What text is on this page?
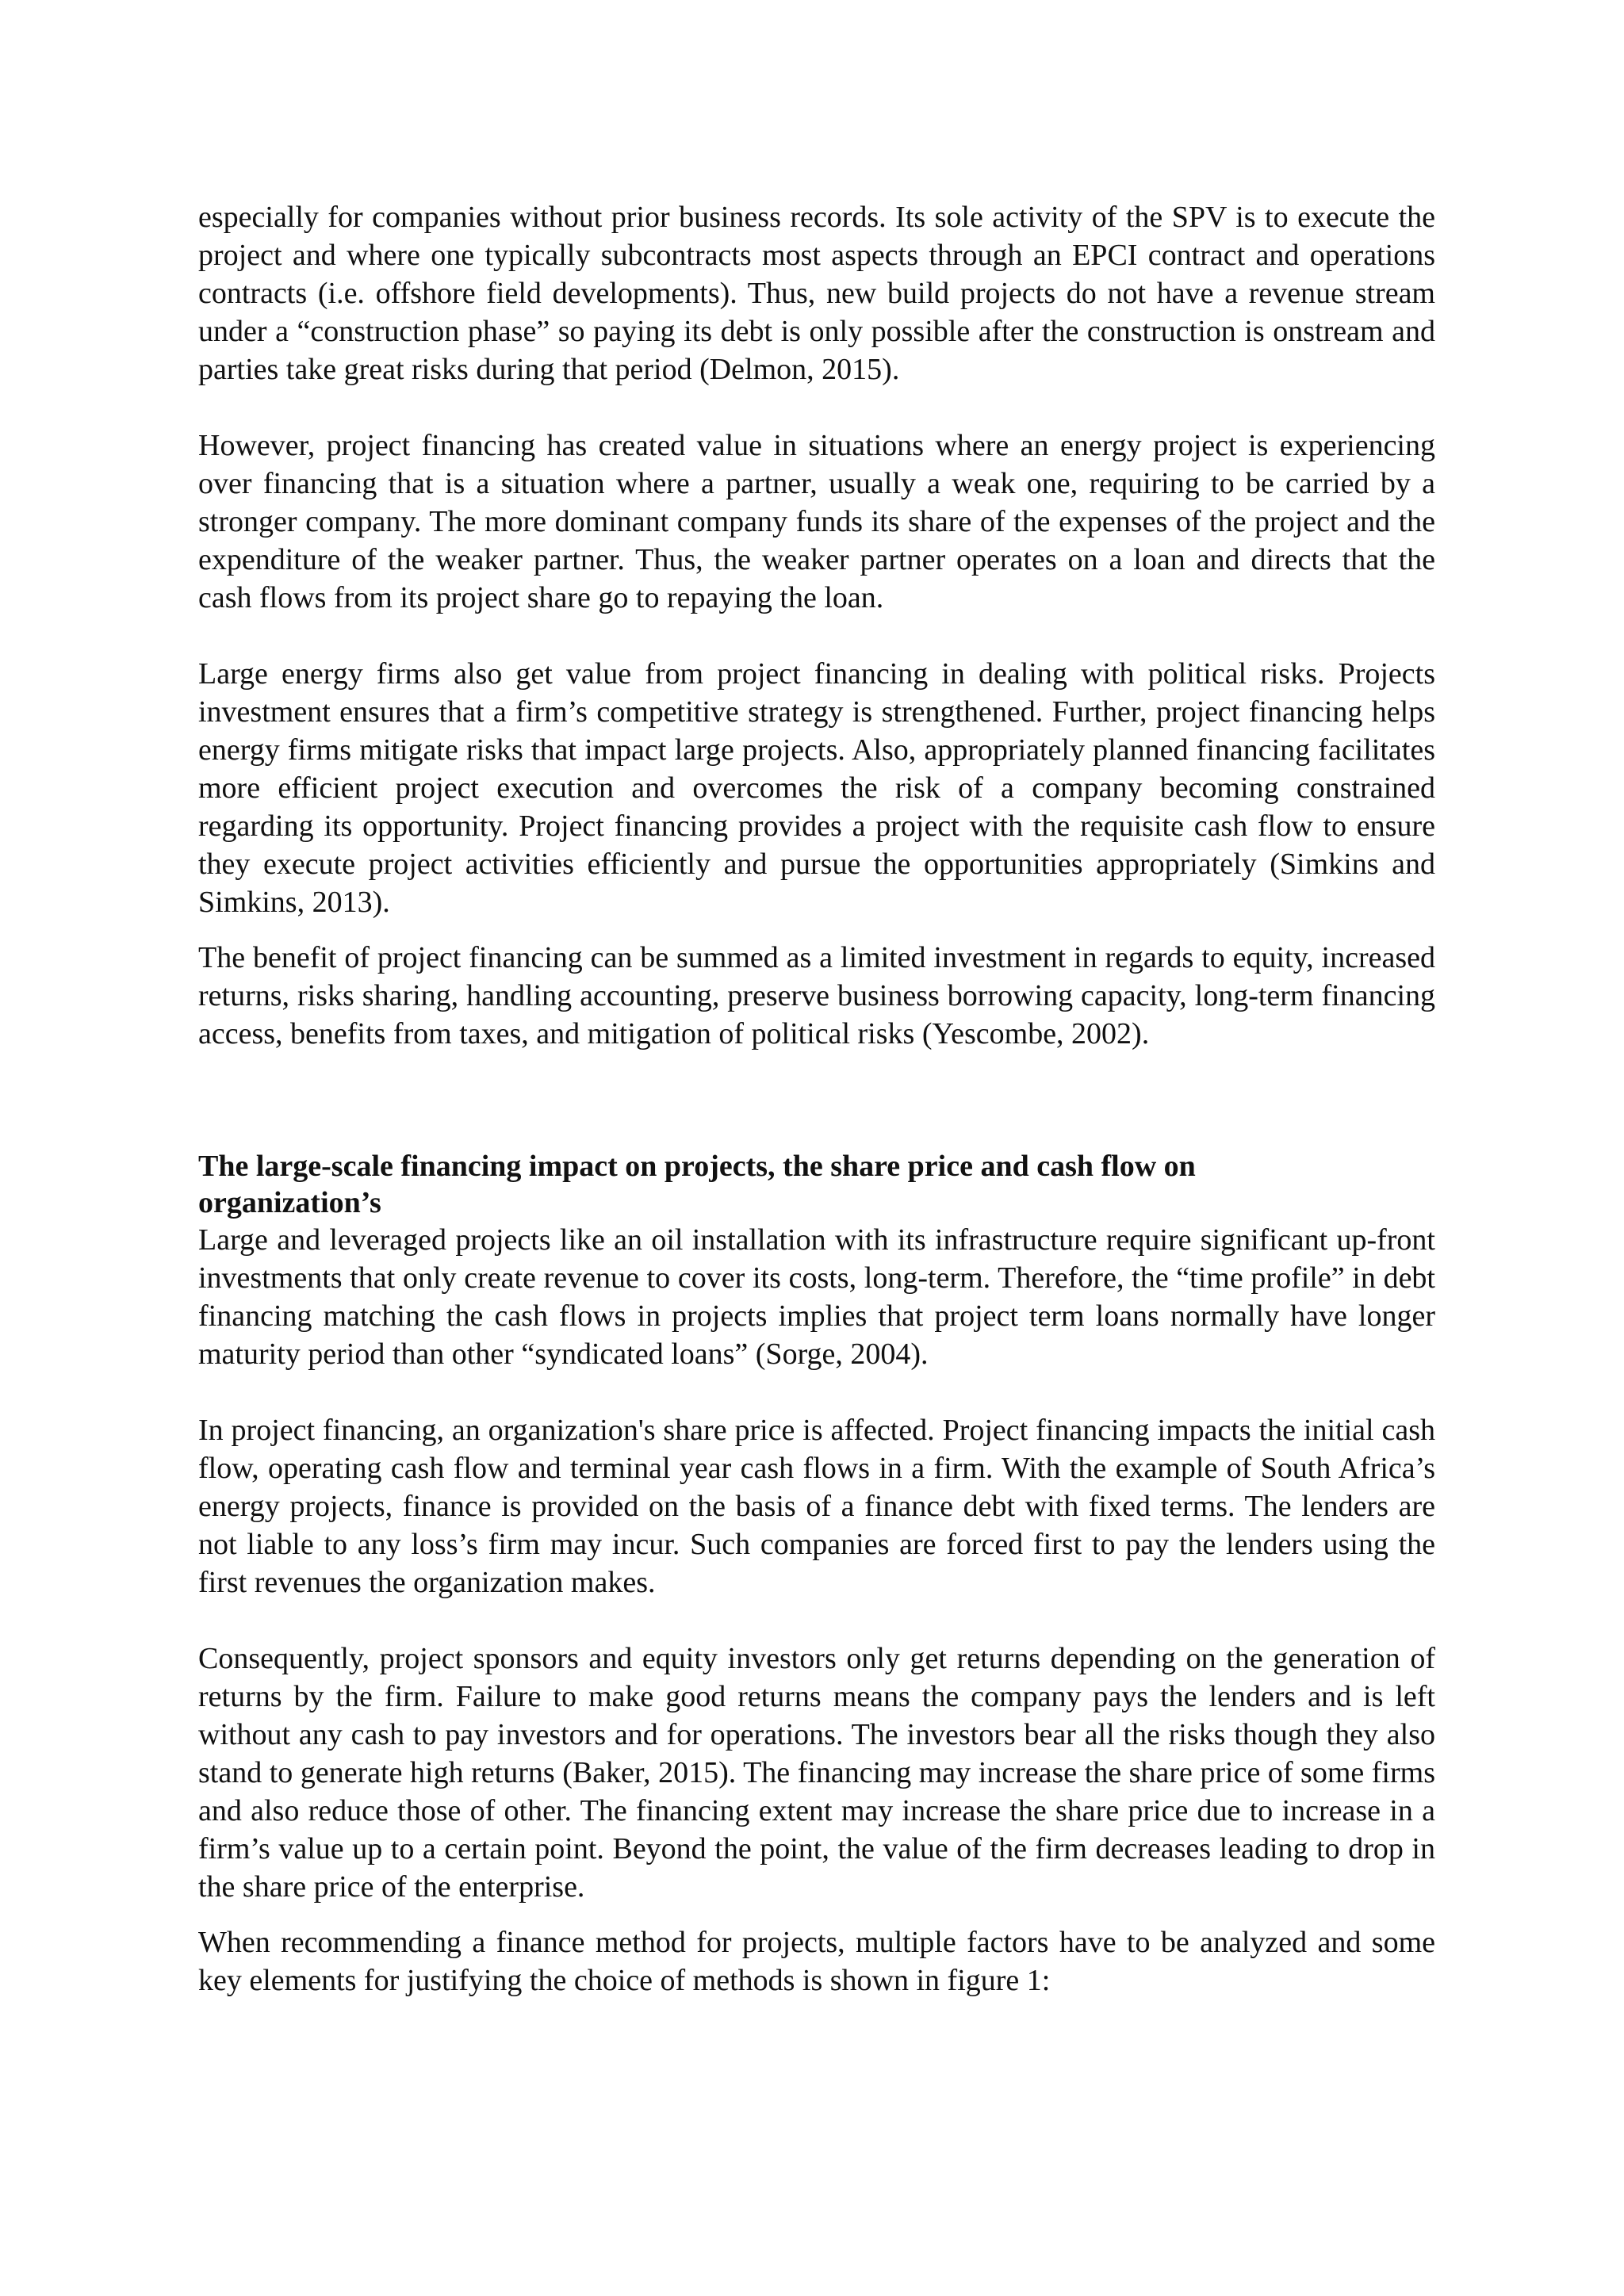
especially for companies without prior business records. Its sole activity of the SPV is to execute the project and where one typically subcontracts most aspects through an EPCI contract and operations contracts (i.e. offshore field developments). Thus, new build projects do not have a revenue stream under a “construction phase” so paying its debt is only possible after the construction is onstream and parties take great risks during that period (Delmon, 2015).

However, project financing has created value in situations where an energy project is experiencing over financing that is a situation where a partner, usually a weak one, requiring to be carried by a stronger company. The more dominant company funds its share of the expenses of the project and the expenditure of the weaker partner. Thus, the weaker partner operates on a loan and directs that the cash flows from its project share go to repaying the loan.

Large energy firms also get value from project financing in dealing with political risks. Projects investment ensures that a firm’s competitive strategy is strengthened. Further, project financing helps energy firms mitigate risks that impact large projects. Also, appropriately planned financing facilitates more efficient project execution and overcomes the risk of a company becoming constrained regarding its opportunity. Project financing provides a project with the requisite cash flow to ensure they execute project activities efficiently and pursue the opportunities appropriately (Simkins and Simkins, 2013).

The benefit of project financing can be summed as a limited investment in regards to equity, increased returns, risks sharing, handling accounting, preserve business borrowing capacity, long-term financing access, benefits from taxes, and mitigation of political risks (Yescombe, 2002).

The large-scale financing impact on projects, the share price and cash flow on organization’s

Large and leveraged projects like an oil installation with its infrastructure require significant up-front investments that only create revenue to cover its costs, long-term. Therefore, the “time profile” in debt financing matching the cash flows in projects implies that project term loans normally have longer maturity period than other “syndicated loans” (Sorge, 2004).

In project financing, an organization's share price is affected. Project financing impacts the initial cash flow, operating cash flow and terminal year cash flows in a firm. With the example of South Africa’s energy projects, finance is provided on the basis of a finance debt with fixed terms. The lenders are not liable to any loss’s firm may incur. Such companies are forced first to pay the lenders using the first revenues the organization makes.

Consequently, project sponsors and equity investors only get returns depending on the generation of returns by the firm. Failure to make good returns means the company pays the lenders and is left without any cash to pay investors and for operations. The investors bear all the risks though they also stand to generate high returns (Baker, 2015). The financing may increase the share price of some firms and also reduce those of other. The financing extent may increase the share price due to increase in a firm’s value up to a certain point. Beyond the point, the value of the firm decreases leading to drop in the share price of the enterprise.

When recommending a finance method for projects, multiple factors have to be analyzed and some key elements for justifying the choice of methods is shown in figure 1:
